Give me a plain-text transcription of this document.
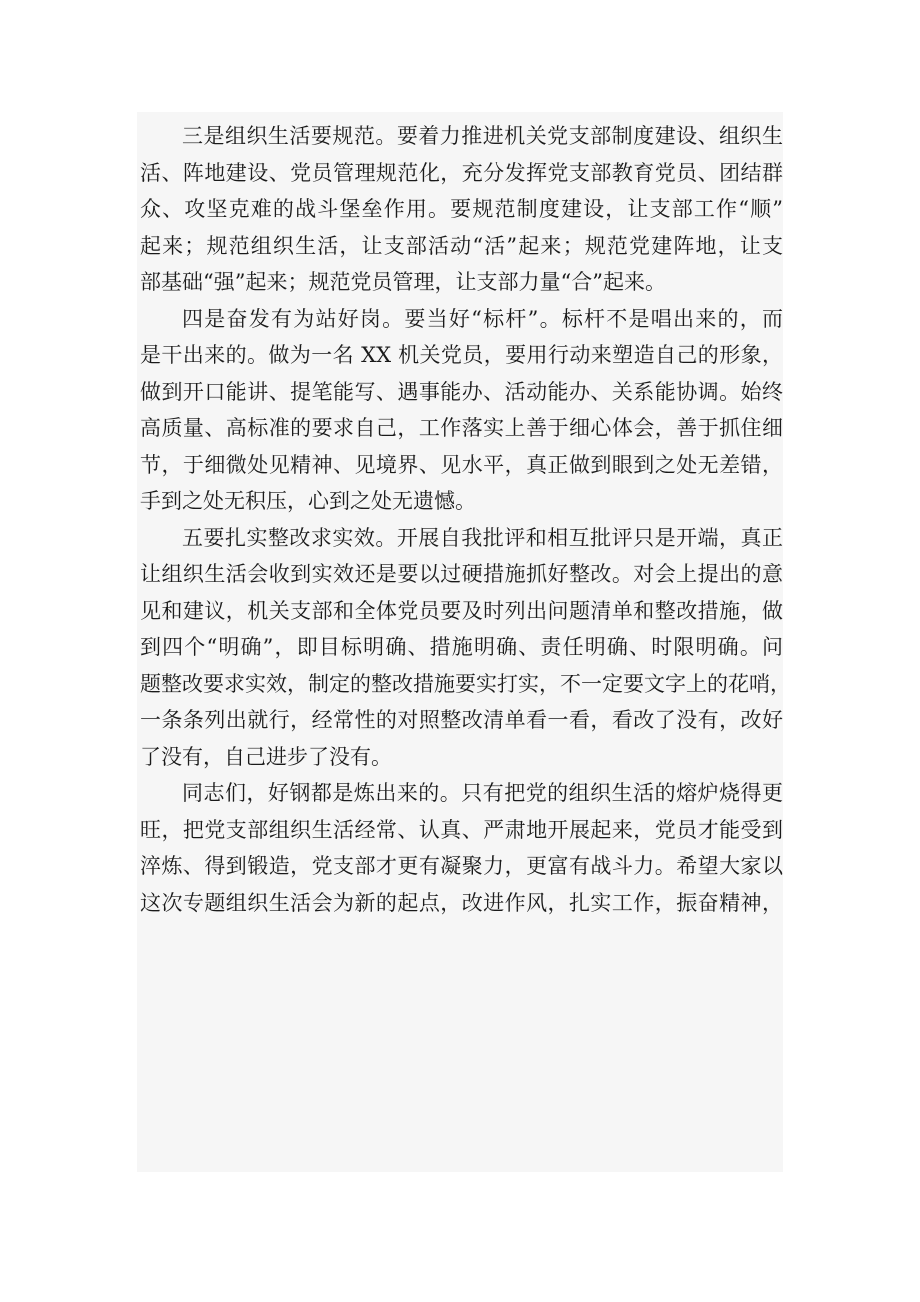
三是组织生活要规范。要着力推进机关党支部制度建设、组织生
活、阵地建设、党员管理规范化，充分发挥党支部教育党员、团结群
众、攻坚克难的战斗堡垒作用。要规范制度建设，让支部工作“顺”
起来；规范组织生活，让支部活动“活”起来；规范党建阵地，让支
部基础“强”起来；规范党员管理，让支部力量“合”起来。

四是奋发有为站好岗。要当好“标杆”。标杆不是唱出来的，而
是干出来的。做为一名 XX 机关党员，要用行动来塑造自己的形象，
做到开口能讲、提笔能写、遇事能办、活动能办、关系能协调。始终
高质量、高标准的要求自己，工作落实上善于细心体会，善于抓住细
节，于细微处见精神、见境界、见水平，真正做到眼到之处无差错，
手到之处无积压，心到之处无遗憾。

五要扎实整改求实效。开展自我批评和相互批评只是开端，真正
让组织生活会收到实效还是要以过硬措施抓好整改。对会上提出的意
见和建议，机关支部和全体党员要及时列出问题清单和整改措施，做
到四个“明确”，即目标明确、措施明确、责任明确、时限明确。问
题整改要求实效，制定的整改措施要实打实，不一定要文字上的花哨，
一条条列出就行，经常性的对照整改清单看一看，看改了没有，改好
了没有，自己进步了没有。

同志们，好钢都是炼出来的。只有把党的组织生活的熔炉烧得更
旺，把党支部组织生活经常、认真、严肃地开展起来，党员才能受到
淬炼、得到锻造，党支部才更有凝聚力，更富有战斗力。希望大家以
这次专题组织生活会为新的起点，改进作风，扎实工作，振奋精神，
